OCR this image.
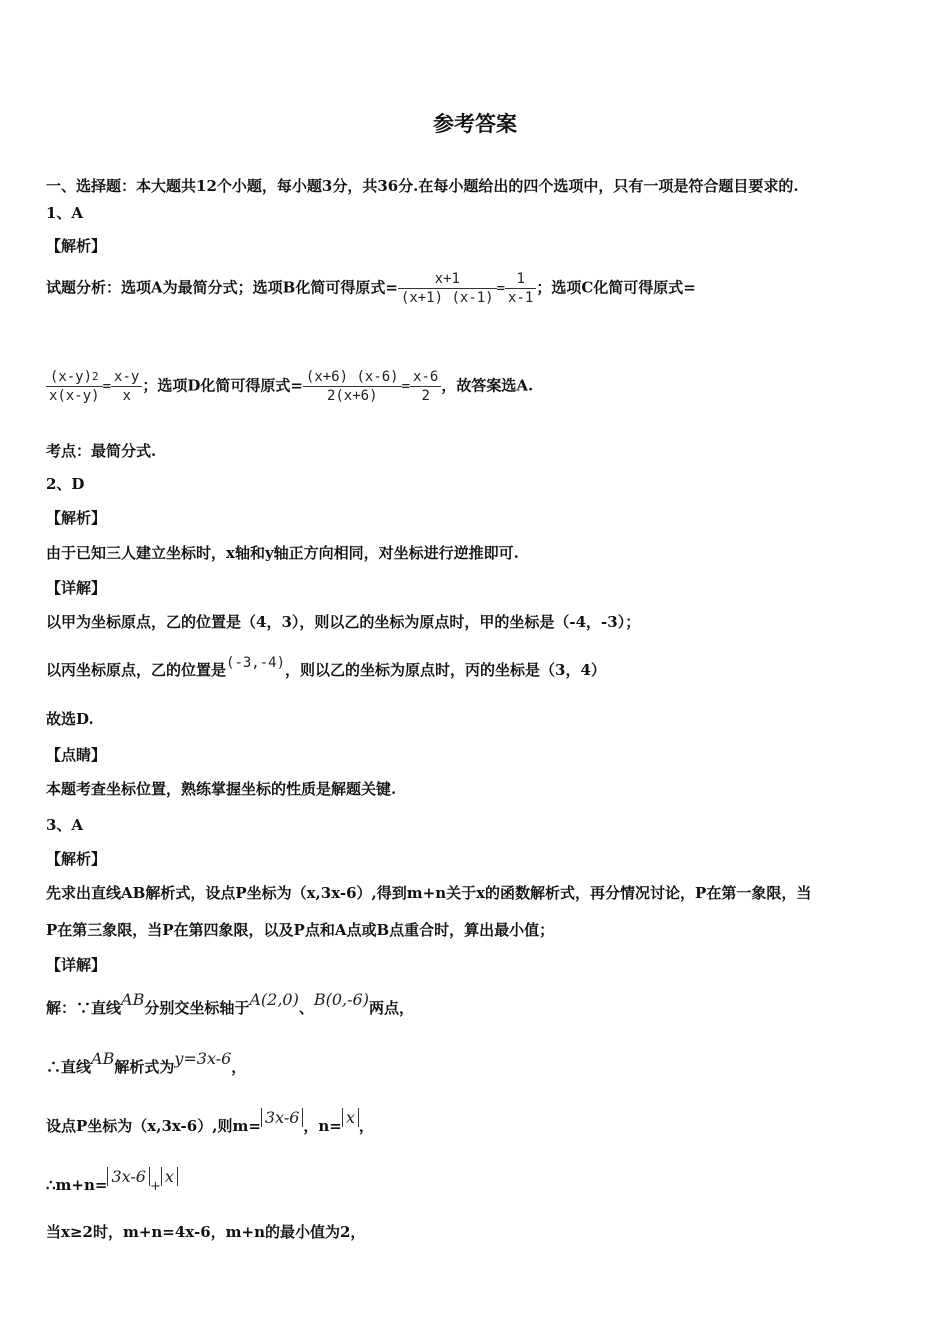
参考答案
一、选择题：本大题共12个小题，每小题3分，共36分.在每小题给出的四个选项中，只有一项是符合题目要求的.
1、A
【解析】
试题分析：选项A为最简分式；选项B化简可得原式= $\frac{x+1}{(x+1) (x-1)} = \frac{1}{x-1}$ ；选项C化简可得原式=
$\frac{(x-y)^2}{x(x-y)} = \frac{x-y}{x}$ ；选项D化简可得原式= $\frac{(x+6) (x-6)}{2(x+6)} = \frac{x-6}{2}$ ，故答案选A.
考点：最简分式.
2、D
【解析】
由于已知三人建立坐标时，x轴和y轴正方向相同，对坐标进行逆推即可.
【详解】
以甲为坐标原点，乙的位置是（4，3），则以乙的坐标为原点时，甲的坐标是（-4，-3）；
以丙坐标原点，乙的位置是(-3,-4)，则以乙的坐标为原点时，丙的坐标是（3，4）
故选D.
【点睛】
本题考查坐标位置，熟练掌握坐标的性质是解题关键.
3、A
【解析】
先求出直线AB解析式，设点P坐标为（x,3x-6）,得到m+n关于x的函数解析式，再分情况讨论，P在第一象限，当
P在第三象限，当P在第四象限，以及P点和A点或B点重合时，算出最小值；
【详解】
解：∵直线AB分别交坐标轴于A(2,0)、B(0,-6)两点，
∴直线AB解析式为y=3x-6，
设点P坐标为（x,3x-6）,则m= 3x-6 ，n= x ，
∴m+n= 3x-6+x
当x≥2时，m+n=4x-6，m+n的最小值为2，
